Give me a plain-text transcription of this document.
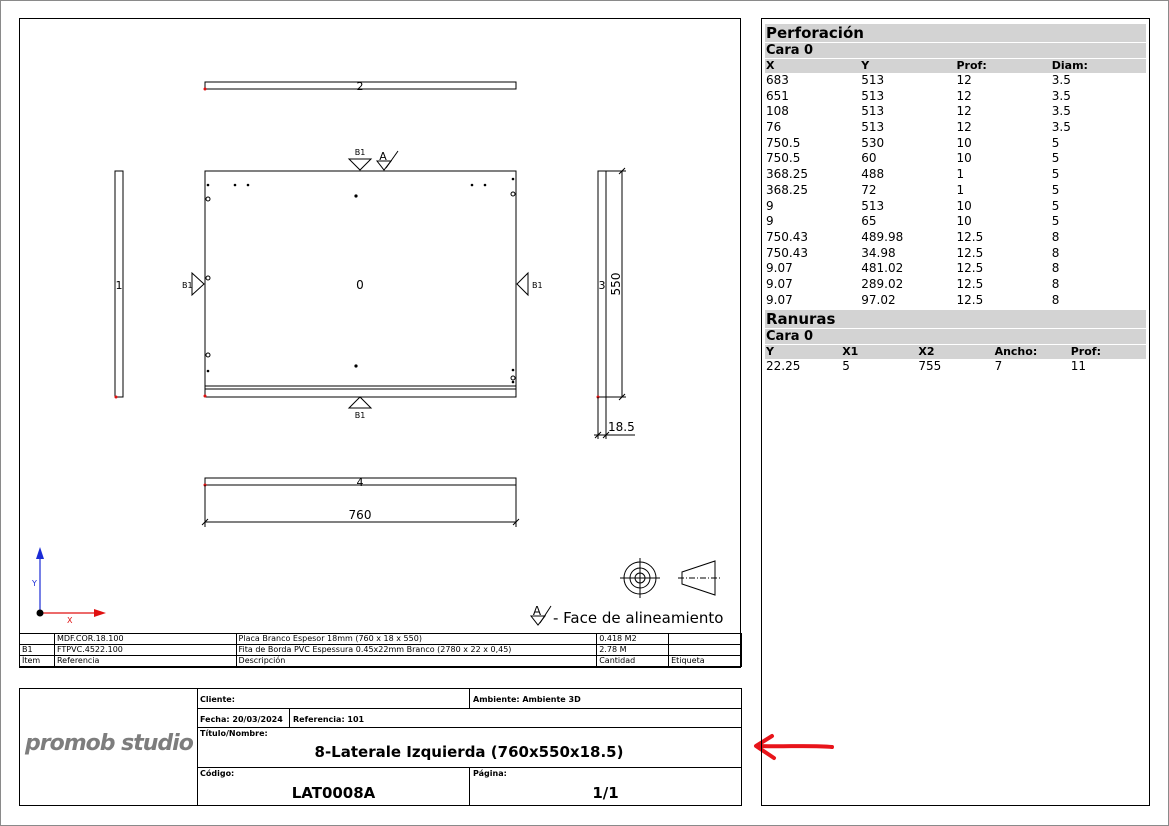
2
1	0
B1 A
B1	B1
B1
3 550
18.5
4
760
Y
X
A - Face de alineamiento
	MDF.COR.18.100	Placa Branco Espesor 18mm (760 x 18 x 550)	0.418 M2	
B1	FTPVC.4522.100	Fita de Borda PVC Espessura 0.45x22mm Branco (2780 x 22 x 0,45)	2.78 M	
Ítem	Referencia	Descripción	Cantidad	Etiqueta
promob studio
Cliente:	Ambiente: Ambiente 3D
Fecha: 20/03/2024	Referencia: 101
Título/Nombre:
8-Laterale Izquierda (760x550x18.5)
Código:
LAT0008A
Página:
1/1
Perforación
Cara 0
X	Y	Prof:	Diam:
683	513	12	3.5
651	513	12	3.5
108	513	12	3.5
76	513	12	3.5
750.5	530	10	5
750.5	60	10	5
368.25	488	1	5
368.25	72	1	5
9	513	10	5
9	65	10	5
750.43	489.98	12.5	8
750.43	34.98	12.5	8
9.07	481.02	12.5	8
9.07	289.02	12.5	8
9.07	97.02	12.5	8
Ranuras
Cara 0
Y	X1	X2	Ancho:	Prof:
22.25	5	755	7	11
